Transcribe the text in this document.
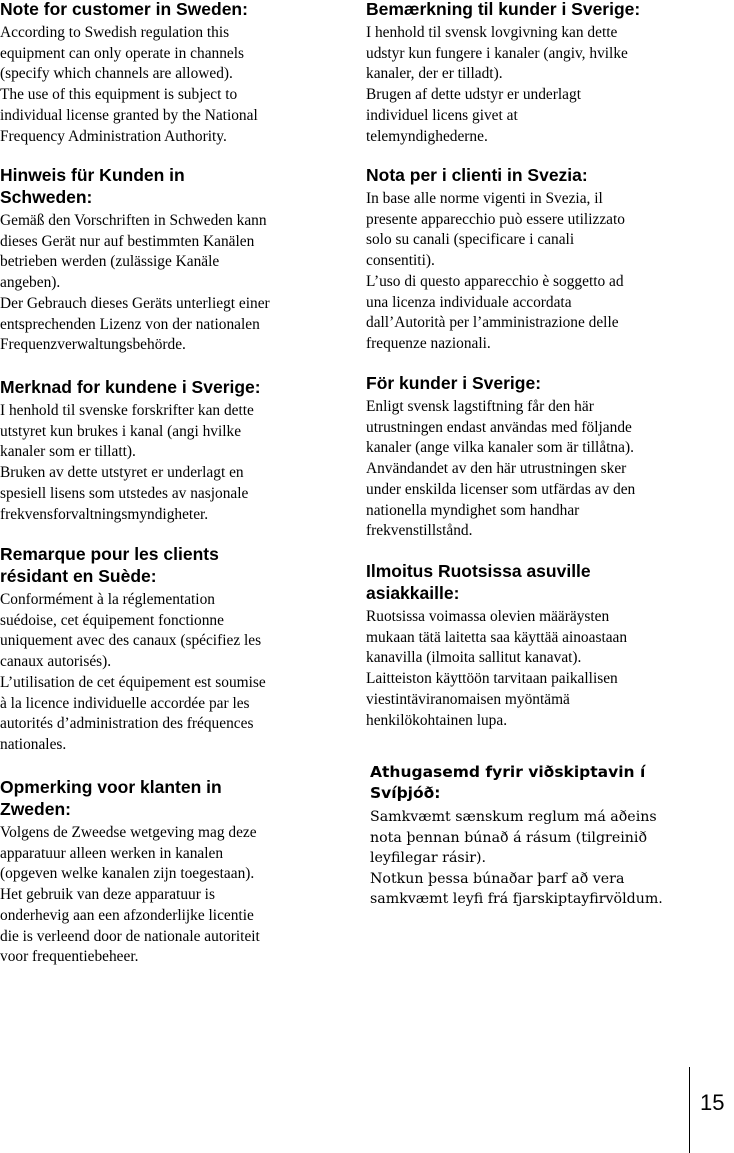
Note for customer in Sweden:

According to Swedish regulation this
equipment can only operate in channels
(specify which channels are allowed).

The use of this equipment is subject to
individual license granted by the National
Frequency Administration Authority.

Hinweis für Kunden in
Schweden:

Gemäß den Vorschriften in Schweden kann
dieses Gerät nur auf bestimmten Kanälen
betrieben werden (zulässige Kanäle
angeben).

Der Gebrauch dieses Geräts unterliegt einer
entsprechenden Lizenz von der nationalen
Frequenzverwaltungsbehörde.

Merknad for kundene i Sverige:

I henhold til svenske forskrifter kan dette
utstyret kun brukes i kanal (angi hvilke
kanaler som er tillatt).

Bruken av dette utstyret er underlagt en
spesiell lisens som utstedes av nasjonale
frekvensforvaltningsmyndigheter.

Remarque pour les clients
résidant en Suède:

Conformément à la réglementation
suédoise, cet équipement fonctionne
uniquement avec des canaux (spécifiez les
canaux autorisés).

L’utilisation de cet équipement est soumise
à la licence individuelle accordée par les
autorités d’administration des fréquences
nationales.

Opmerking voor klanten in
Zweden:

Volgens de Zweedse wetgeving mag deze
apparatuur alleen werken in kanalen
(opgeven welke kanalen zijn toegestaan).

Het gebruik van deze apparatuur is
onderhevig aan een afzonderlijke licentie
die is verleend door de nationale autoriteit
voor frequentiebeheer.

Bemærkning til kunder i Sverige:

I henhold til svensk lovgivning kan dette
udstyr kun fungere i kanaler (angiv, hvilke
kanaler, der er tilladt).

Brugen af dette udstyr er underlagt
individuel licens givet at
telemyndighederne.

Nota per i clienti in Svezia:

In base alle norme vigenti in Svezia, il
presente apparecchio può essere utilizzato
solo su canali (specificare i canali
consentiti).

L’uso di questo apparecchio è soggetto ad
una licenza individuale accordata
dall’Autorità per l’amministrazione delle
frequenze nazionali.

För kunder i Sverige:

Enligt svensk lagstiftning får den här
utrustningen endast användas med följande
kanaler (ange vilka kanaler som är tillåtna).

Användandet av den här utrustningen sker
under enskilda licenser som utfärdas av den
nationella myndighet som handhar
frekvenstillstånd.

Ilmoitus Ruotsissa asuville
asiakkaille:

Ruotsissa voimassa olevien määräysten
mukaan tätä laitetta saa käyttää ainoastaan
kanavilla (ilmoita sallitut kanavat).

Laitteiston käyttöön tarvitaan paikallisen
viestintäviranomaisen myöntämä
henkilökohtainen lupa.

Athugasemd fyrir viðskiptavin í
Svíþjóð:

Samkvæmt sænskum reglum má aðeins
nota þennan búnað á rásum (tilgreinið
leyfilegar rásir).

Notkun þessa búnaðar þarf að vera
samkvæmt leyfi frá fjarskiptayfirvöldum.

15
